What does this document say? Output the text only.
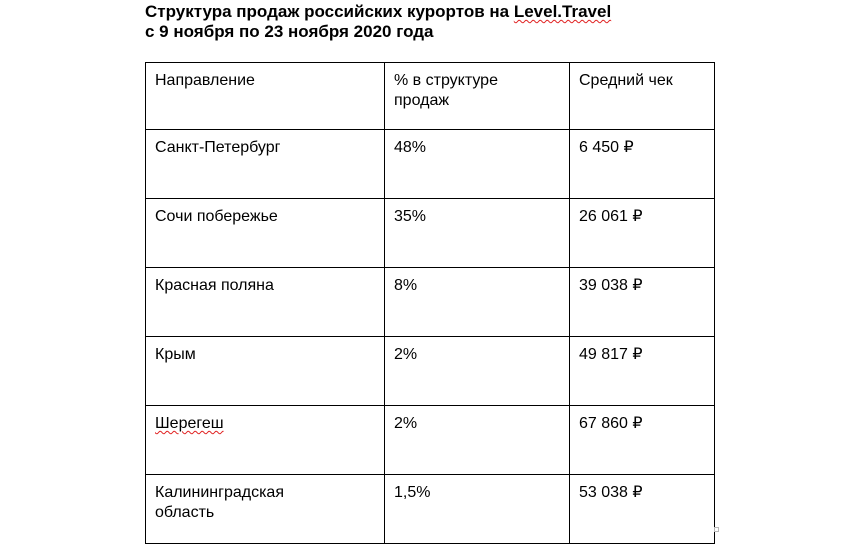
Структура продаж российских курортов на Level.Travel
с 9 ноября по 23 ноября 2020 года
Направление	% в структуре продаж	Средний чек
Санкт-Петербург	48%	6 450 ₽
Сочи побережье	35%	26 061 ₽
Красная поляна	8%	39 038 ₽
Крым	2%	49 817 ₽
Шерегеш	2%	67 860 ₽

Калининградская область	1,5%	53 038 ₽
